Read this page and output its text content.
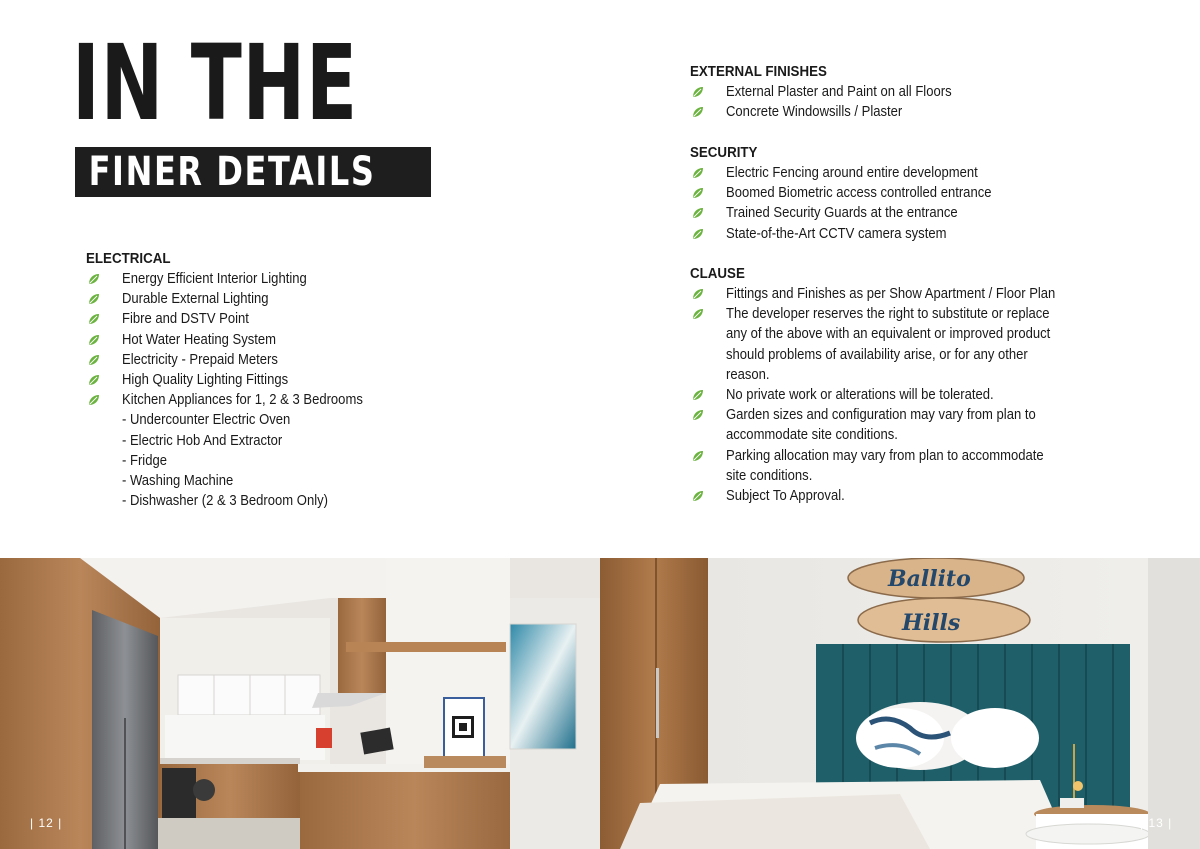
IN THE
FINER DETAILS
ELECTRICAL
Energy Efficient Interior Lighting
Durable External Lighting
Fibre and DSTV Point
Hot Water Heating System
Electricity - Prepaid Meters
High Quality Lighting Fittings
Kitchen Appliances for 1, 2 & 3 Bedrooms
- Undercounter Electric Oven
- Electric Hob And Extractor
- Fridge
- Washing Machine
- Dishwasher (2 & 3 Bedroom Only)
EXTERNAL FINISHES
External Plaster and Paint on all Floors
Concrete Windowsills / Plaster
SECURITY
Electric Fencing around entire development
Boomed Biometric access controlled entrance
Trained Security Guards at the entrance
State-of-the-Art CCTV camera system
CLAUSE
Fittings and Finishes as per Show Apartment / Floor Plan
The developer reserves the right to substitute or replace any of the above with an equivalent or improved product should problems of availability arise, or for any other reason.
No private work or alterations will be tolerated.
Garden sizes and configuration may vary from plan to accommodate site conditions.
Parking allocation may vary from plan to accommodate site conditions.
Subject To Approval.
Ballito
Hills
| 12 |	| 13 |
